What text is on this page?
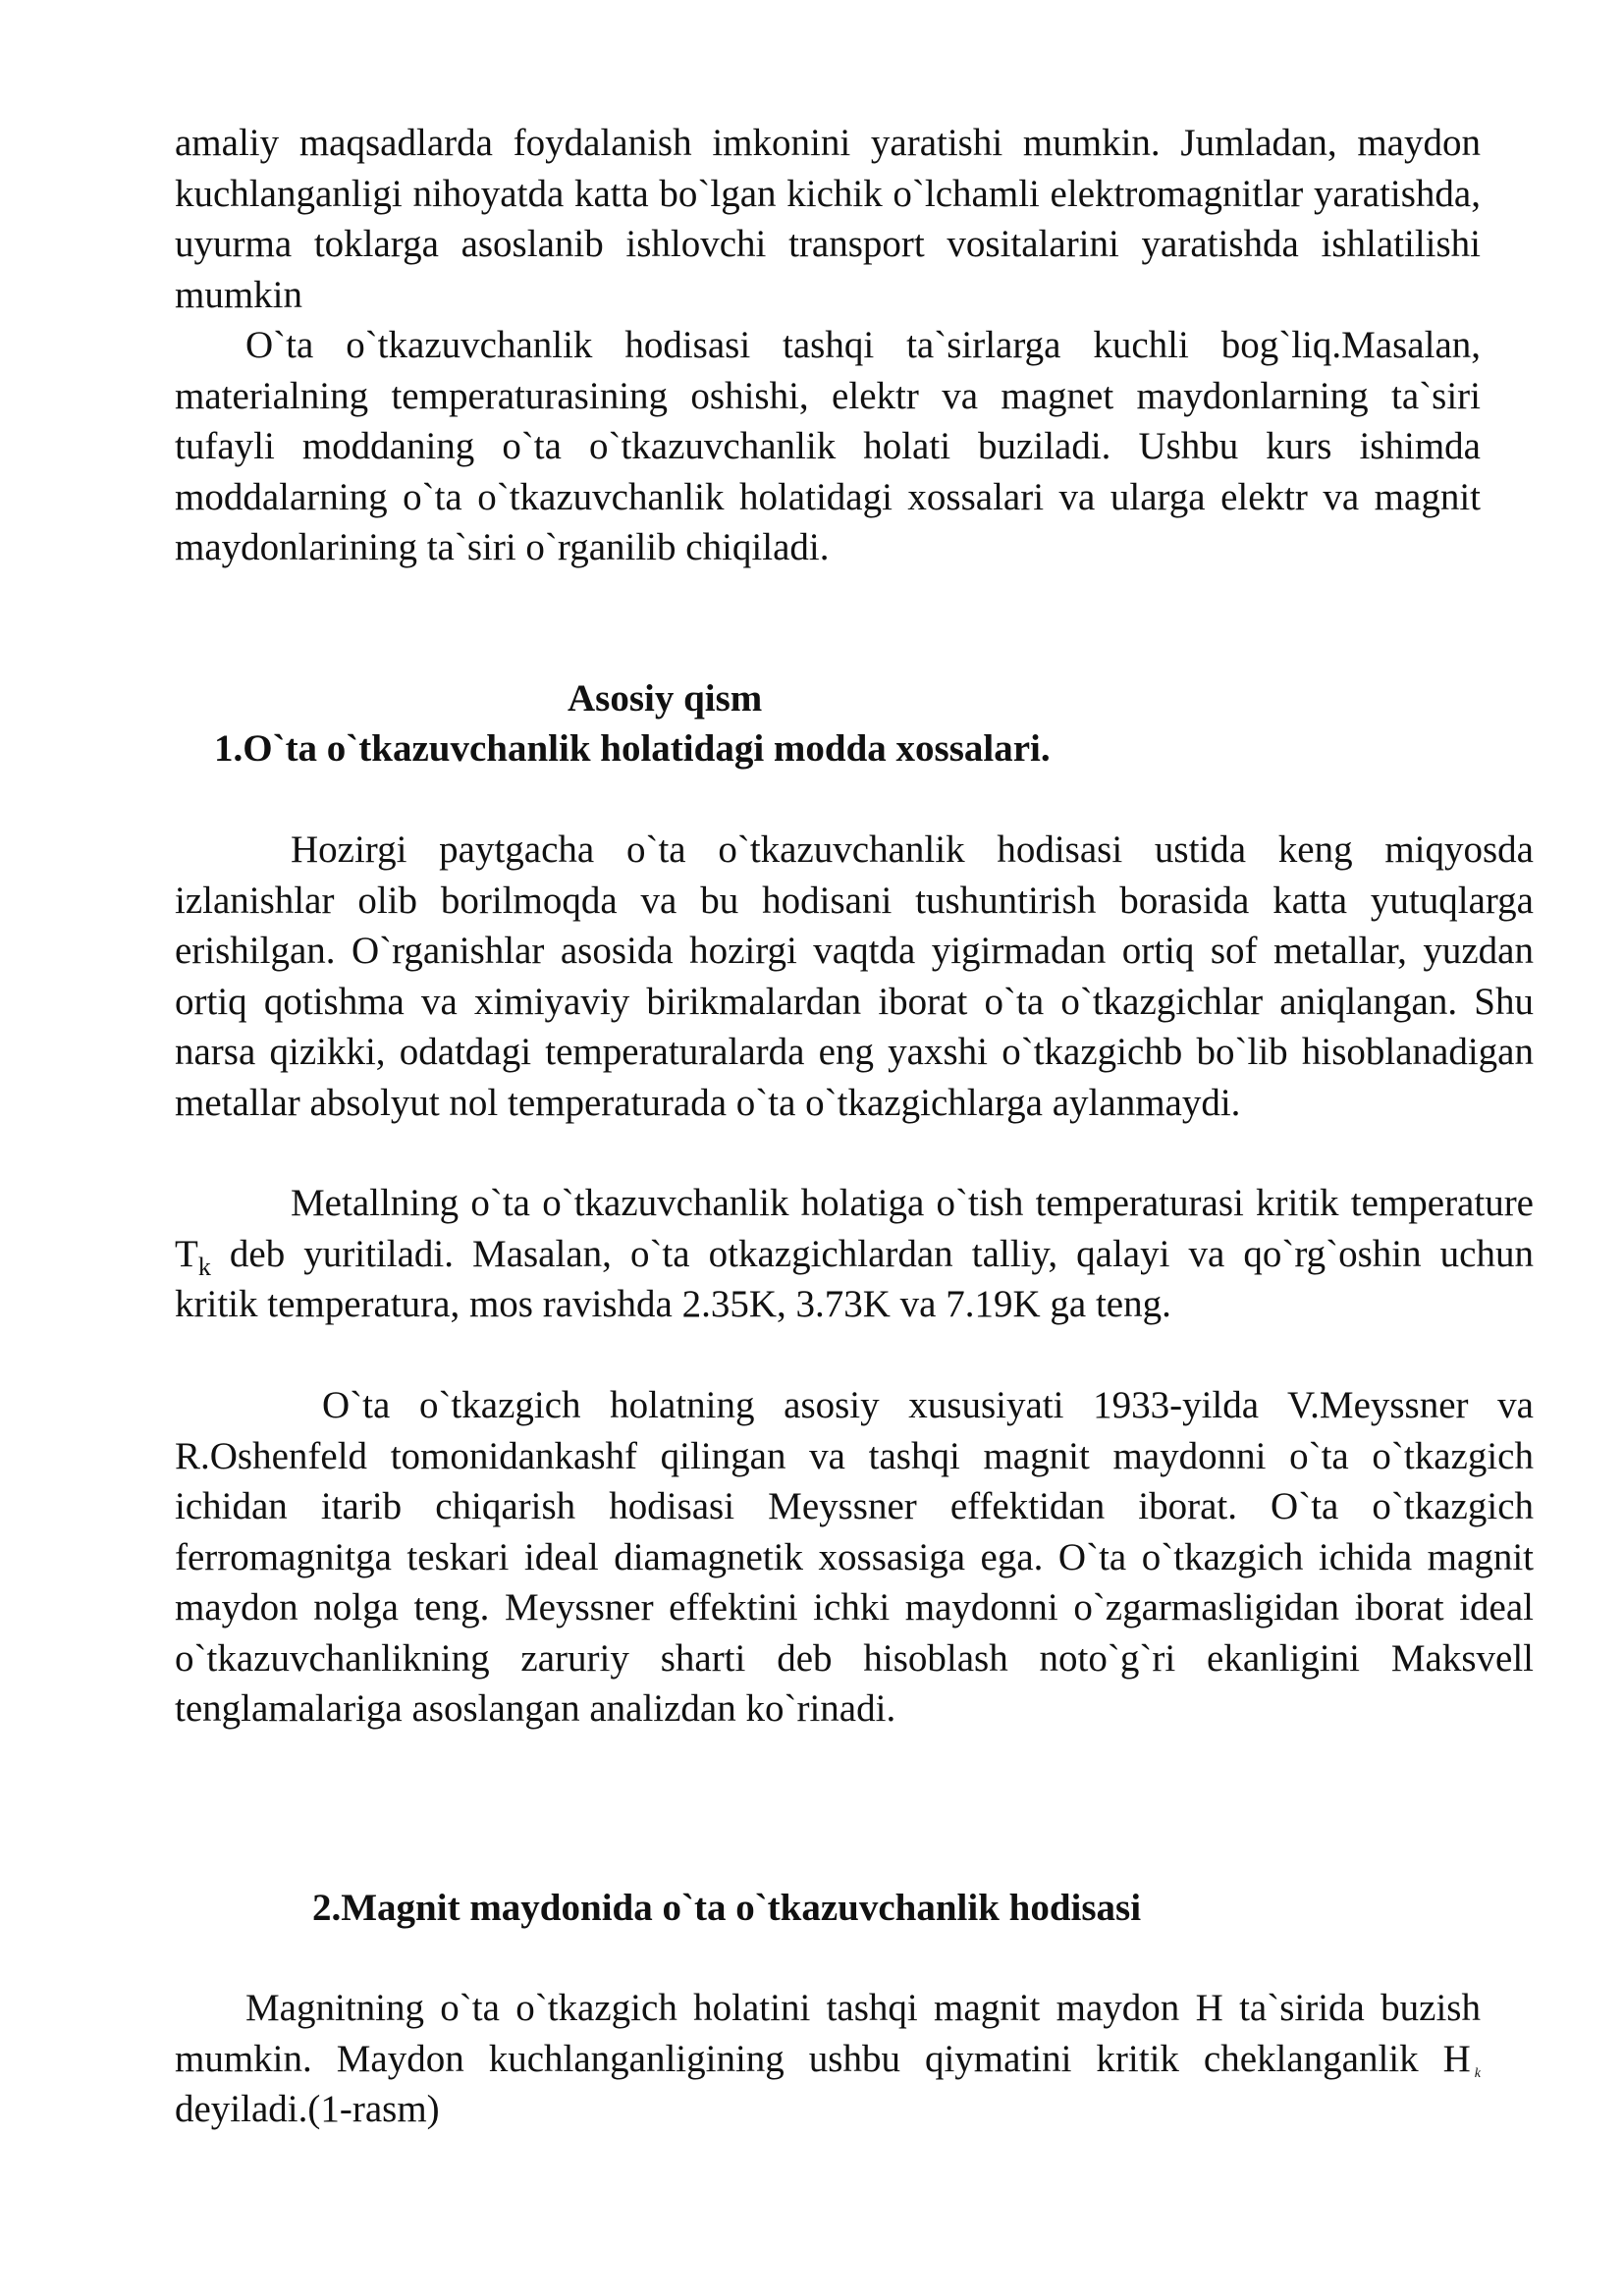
amaliy maqsadlarda foydalanish imkonini yaratishi mumkin. Jumladan, maydon kuchlanganligi nihoyatda katta bo`lgan kichik o`lchamli elektromagnitlar yaratishda, uyurma toklarga asoslanib ishlovchi transport vositalarini yaratishda ishlatilishi mumkin
O`ta o`tkazuvchanlik hodisasi tashqi ta`sirlarga kuchli bog`liq.Masalan, materialning temperaturasining oshishi, elektr va magnet maydonlarning ta`siri tufayli moddaning o`ta o`tkazuvchanlik holati buziladi. Ushbu kurs ishimda moddalarning o`ta o`tkazuvchanlik holatidagi xossalari va ularga elektr va magnit maydonlarining ta`siri o`rganilib chiqiladi.
Asosiy qism
1.O`ta o`tkazuvchanlik holatidagi modda xossalari.
Hozirgi paytgacha o`ta o`tkazuvchanlik hodisasi ustida keng miqyosda izlanishlar olib borilmoqda va bu hodisani tushuntirish borasida katta yutuqlarga erishilgan. O`rganishlar asosida hozirgi vaqtda yigirmadan ortiq sof metallar, yuzdan ortiq qotishma va ximiyaviy birikmalardan iborat o`ta o`tkazgichlar aniqlangan. Shu narsa qizikki, odatdagi temperaturalarda eng yaxshi o`tkazgichb bo`lib hisoblanadigan metallar absolyut nol temperaturada o`ta o`tkazgichlarga aylanmaydi.
Metallning o`ta o`tkazuvchanlik holatiga o`tish temperaturasi kritik temperature $T_k$ deb yuritiladi. Masalan, o`ta otkazgichlardan talliy, qalayi va qo`rg`oshin uchun kritik temperatura, mos ravishda 2.35K, 3.73K va 7.19K ga teng.
O`ta o`tkazgich holatning asosiy xususiyati 1933-yilda V.Meyssner va R.Oshenfeld tomonidankashf qilingan va tashqi magnit maydonni o`ta o`tkazgich ichidan itarib chiqarish hodisasi Meyssner effektidan iborat. O`ta o`tkazgich ferromagnitga teskari ideal diamagnetik xossasiga ega. O`ta o`tkazgich ichida magnit maydon nolga teng. Meyssner effektini ichki maydonni o`zgarmasligidan iborat ideal o`tkazuvchanlikning zaruriy sharti deb hisoblash noto`g`ri ekanligini Maksvell tenglamalariga asoslangan analizdan ko`rinadi.
2.Magnit maydonida o`ta o`tkazuvchanlik hodisasi
Magnitning o`ta o`tkazgich holatini tashqi magnit maydon H ta`sirida buzish mumkin. Maydon kuchlanganligining ushbu qiymatini kritik cheklanganlik H k deyiladi.(1-rasm)
